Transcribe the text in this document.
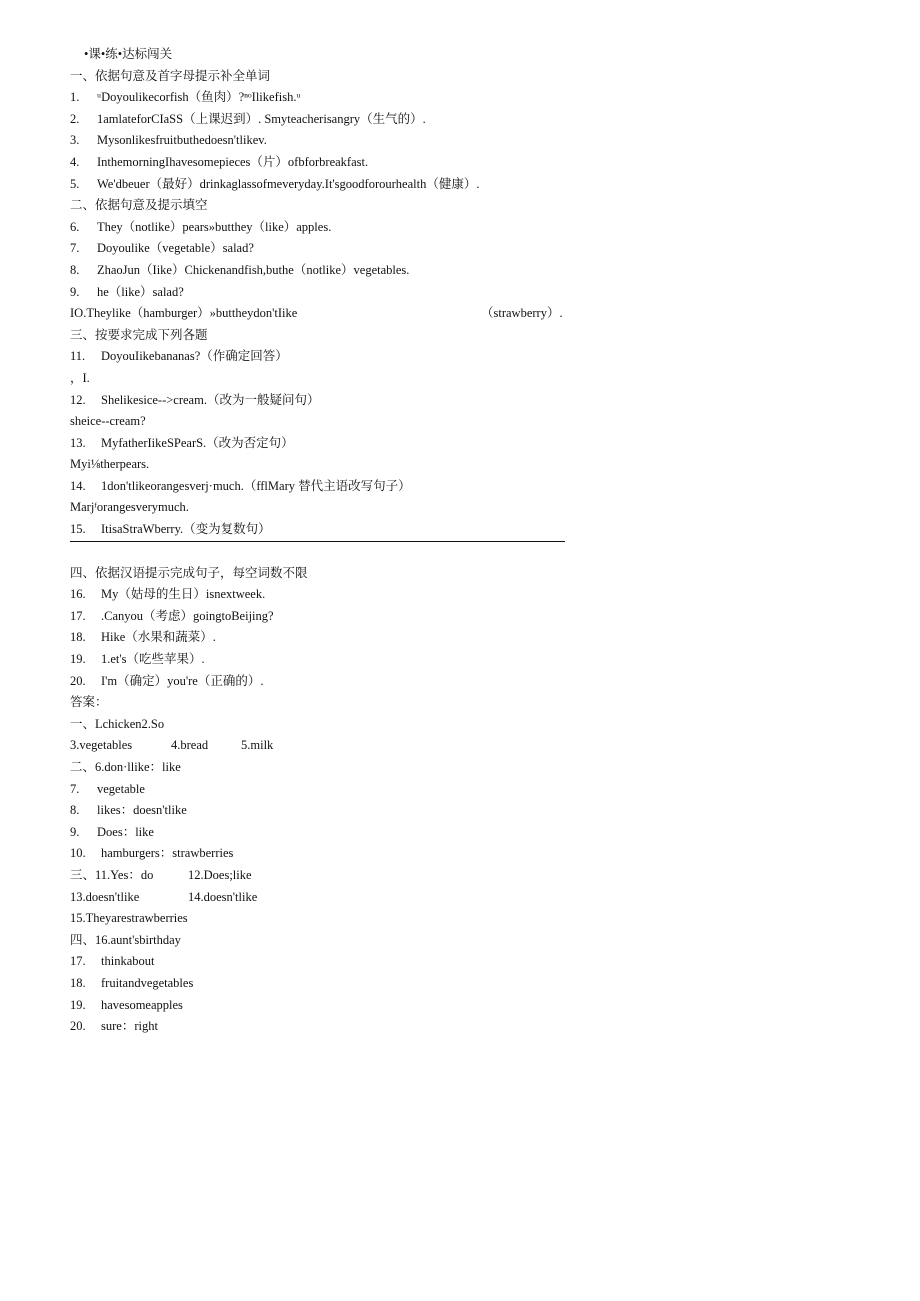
•课•练•达标闯关
一、依据句意及首字母提示补全单词
1.	ᵘDoyoulikecorfish（鱼肉）?ⁿᵒIlikefish.ᵘ
2.	1amlateforCIaSS（上课迟到）. Smyteacherisangry（生气的）.
3.	Mysonlikesfruitbuthedoesn'tlikev.
4.	InthemorningIhavesomepieces（片）ofbforbreakfast.
5.	We'dbeuer（最好）drinkaglassofmeveryday.It'sgoodforourhealth（健康）.
二、依据句意及提示填空
6.	They（notlike）pears»butthey（like）apples.
7.	Doyoulike（vegetable）salad?
8.	ZhaoJun（Iike）Chickenandfish,buthe（notlike）vegetables.
9.	he（like）salad?
IO.Theylike（hamburger）»buttheydon'tIike	（strawberry）.
三、按要求完成下列各题
11.	DoyouIikebananas?（作确定回答）
，I.
12.	Shelikesice-->cream.（改为一般疑问句）
sheice--cream?
13.	MyfatherIikeSPearS.（改为否定句）
Myi⅛therpears.
14.	1don'tlikeorangesverj·much.（fflMary 替代主语改写句子）
Marjᶠorangesverymuch.
15.	ItisaStraWberry.（变为复数句）
四、依据汉语提示完成句子，每空词数不限
16.	My（姑母的生日）isnextweek.
17.	.Canyou（考虑）goingtoBeijing?
18.	Hike（水果和蔬菜）.
19.	1.et's（吃些苹果）.
20.	I'm（确定）you're（正确的）.
答案：
一、Lchicken2.So
3.vegetables	4.bread	5.milk
二、6.don·llike：like
7.	vegetable
8.	likes：doesn'tlike
9.	Does：like
10.	hamburgers：strawberries
三、11.Yes：do	12.Does;like
13.doesn'tlike	14.doesn'tlike
15.Theyarestrawberries
四、16.aunt'sbirthday
17.	thinkabout
18.	fruitandvegetables
19.	havesomeapples
20.	sure：right
